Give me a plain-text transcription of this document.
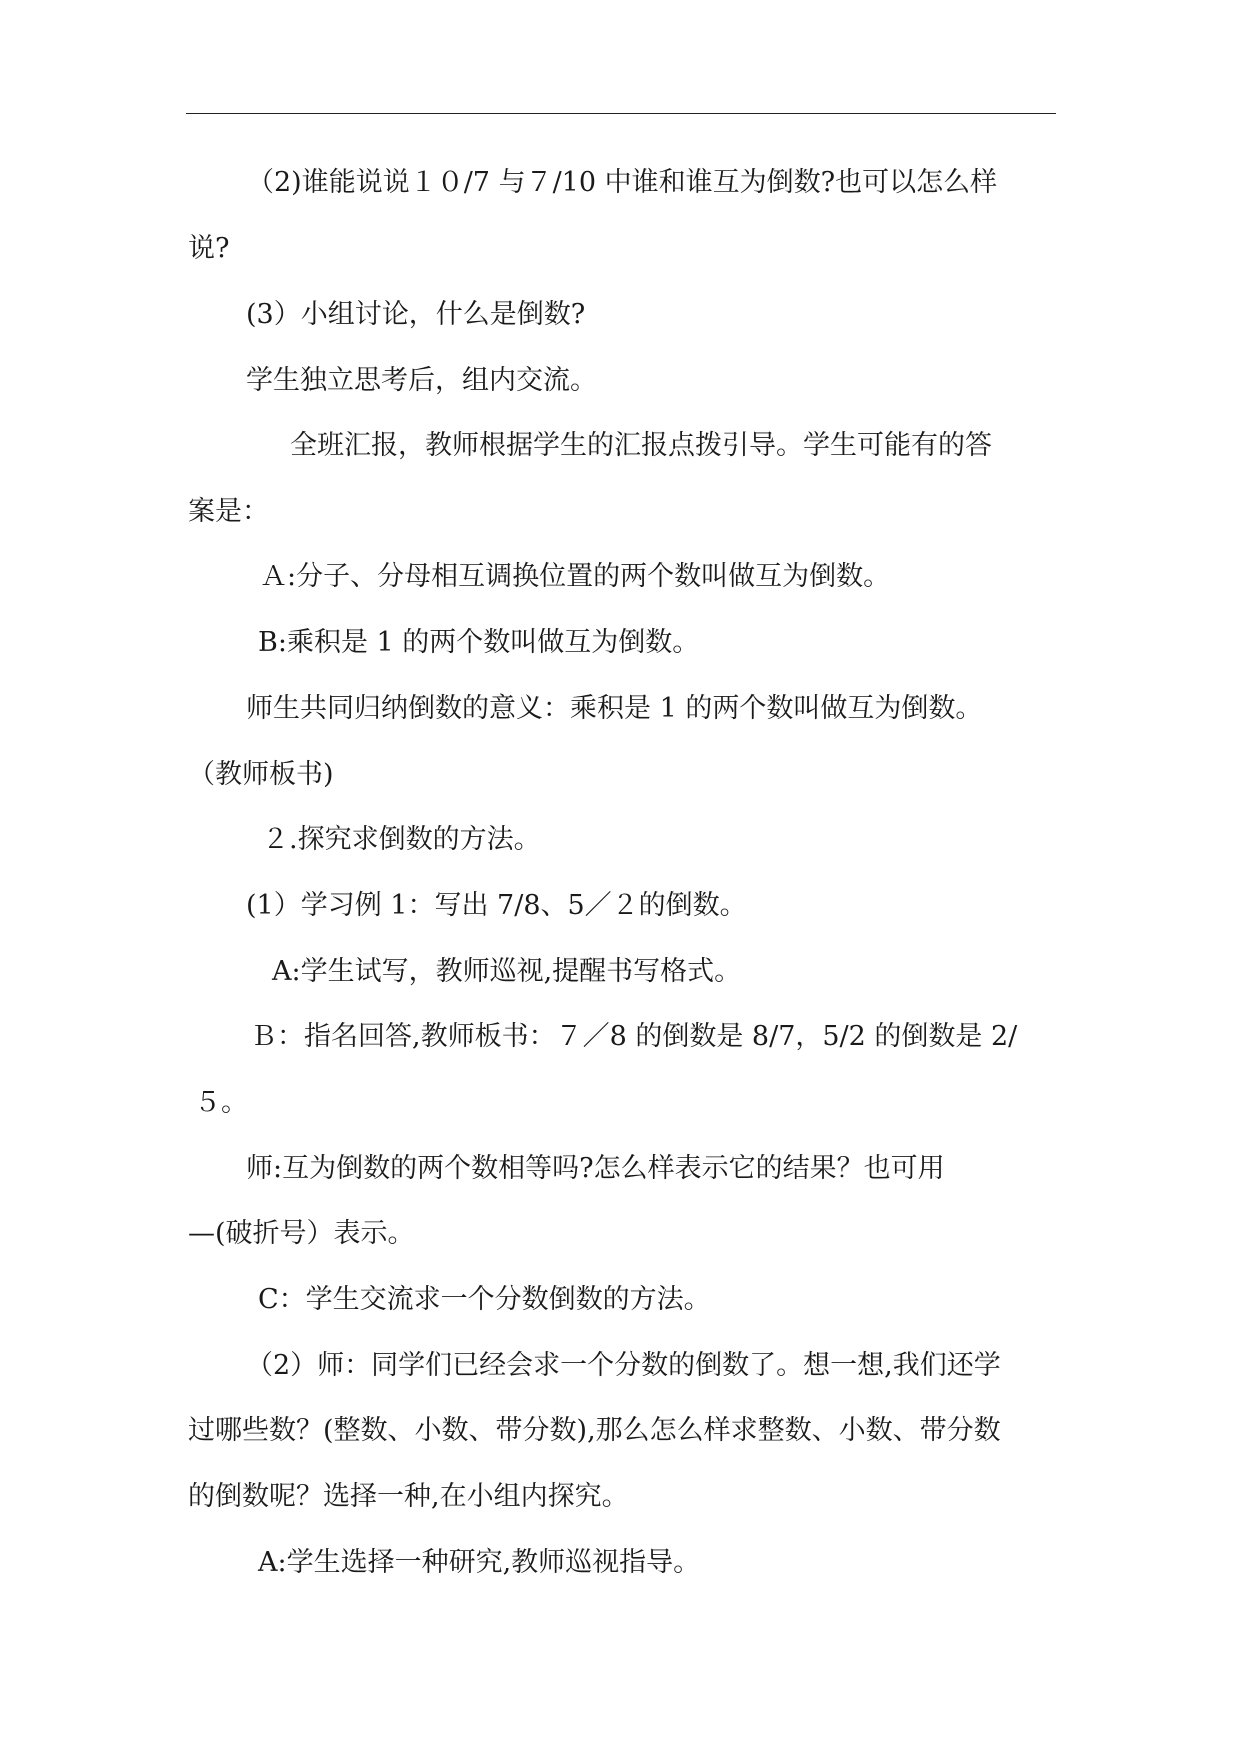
（2)谁能说说１０/7 与７/10 中谁和谁互为倒数?也可以怎么样
说?
(3）小组讨论，什么是倒数?
学生独立思考后，组内交流。
全班汇报，教师根据学生的汇报点拨引导。学生可能有的答
案是：
Ａ:分子、分母相互调换位置的两个数叫做互为倒数。
B:乘积是 1 的两个数叫做互为倒数。
师生共同归纳倒数的意义：乘积是 1 的两个数叫做互为倒数。
（教师板书)
２.探究求倒数的方法。
(1）学习例 1：写出 7/8、5／２的倒数。
A:学生试写，教师巡视,提醒书写格式。
Ｂ：指名回答,教师板书：７／8 的倒数是 8/7，5/2 的倒数是 2/
５。
师:互为倒数的两个数相等吗?怎么样表示它的结果？也可用
—(破折号）表示。
C：学生交流求一个分数倒数的方法。
（2）师：同学们已经会求一个分数的倒数了。想一想,我们还学
过哪些数？(整数、小数、带分数),那么怎么样求整数、小数、带分数
的倒数呢？选择一种,在小组内探究。
A:学生选择一种研究,教师巡视指导。
